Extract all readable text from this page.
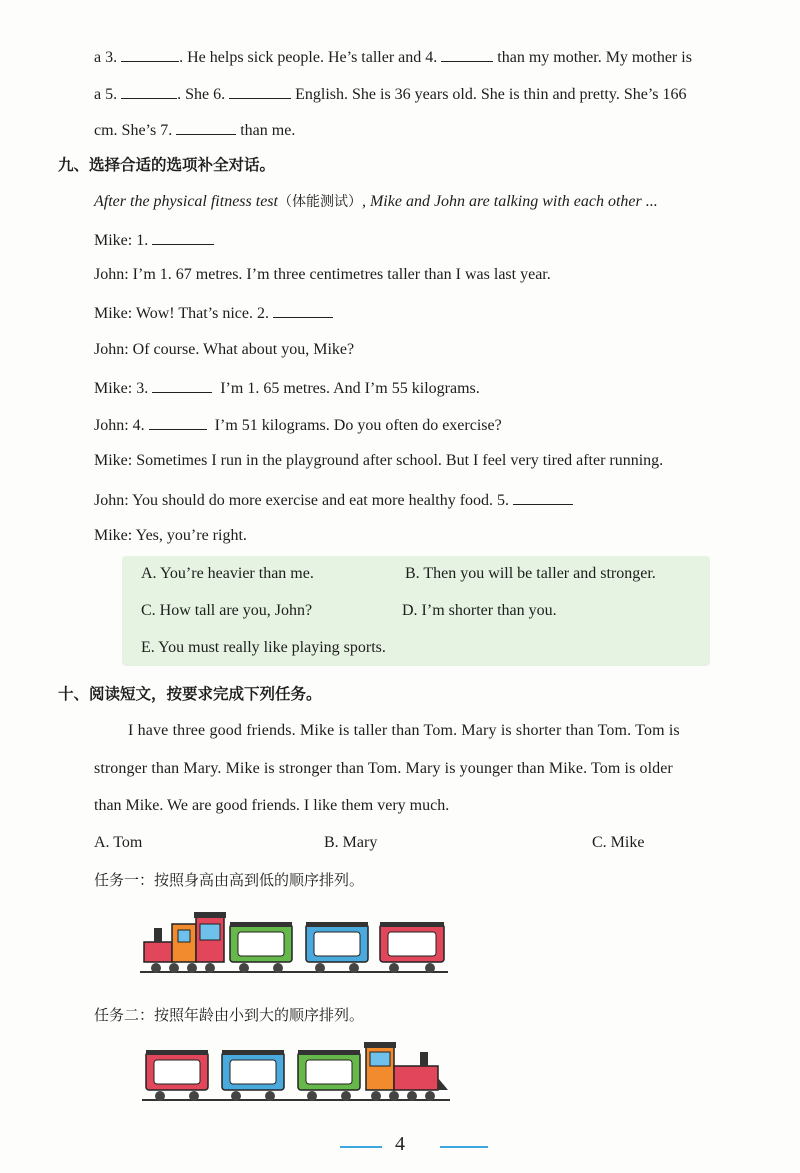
a 3.	. He helps sick people. He’s taller and 4.	than my mother. My mother is
a 5.	. She 6.	English. She is 36 years old. She is thin and pretty. She’s 166
cm. She’s 7.	than me.
九、选择合适的选项补全对话。
After the physical fitness test（体能测试）, Mike and John are talking with each other ...
Mike: 1.
John: I’m 1. 67 metres. I’m three centimetres taller than I was last year.
Mike: Wow! That’s nice. 2.
John: Of course. What about you, Mike?
Mike: 3.	I’m 1. 65 metres. And I’m 55 kilograms.
John: 4.	I’m 51 kilograms. Do you often do exercise?
Mike: Sometimes I run in the playground after school. But I feel very tired after running.
John: You should do more exercise and eat more healthy food. 5.
Mike: Yes, you’re right.
A. You’re heavier than me.	B. Then you will be taller and stronger.
C. How tall are you, John?	D. I’m shorter than you.
E. You must really like playing sports.
十、阅读短文，按要求完成下列任务。
I have three good friends. Mike is taller than Tom. Mary is shorter than Tom. Tom is
stronger than Mary. Mike is stronger than Tom. Mary is younger than Mike. Tom is older
than Mike. We are good friends. I like them very much.
A. Tom	B. Mary	C. Mike
任务一：按照身高由高到低的顺序排列。
任务二：按照年龄由小到大的顺序排列。
4
